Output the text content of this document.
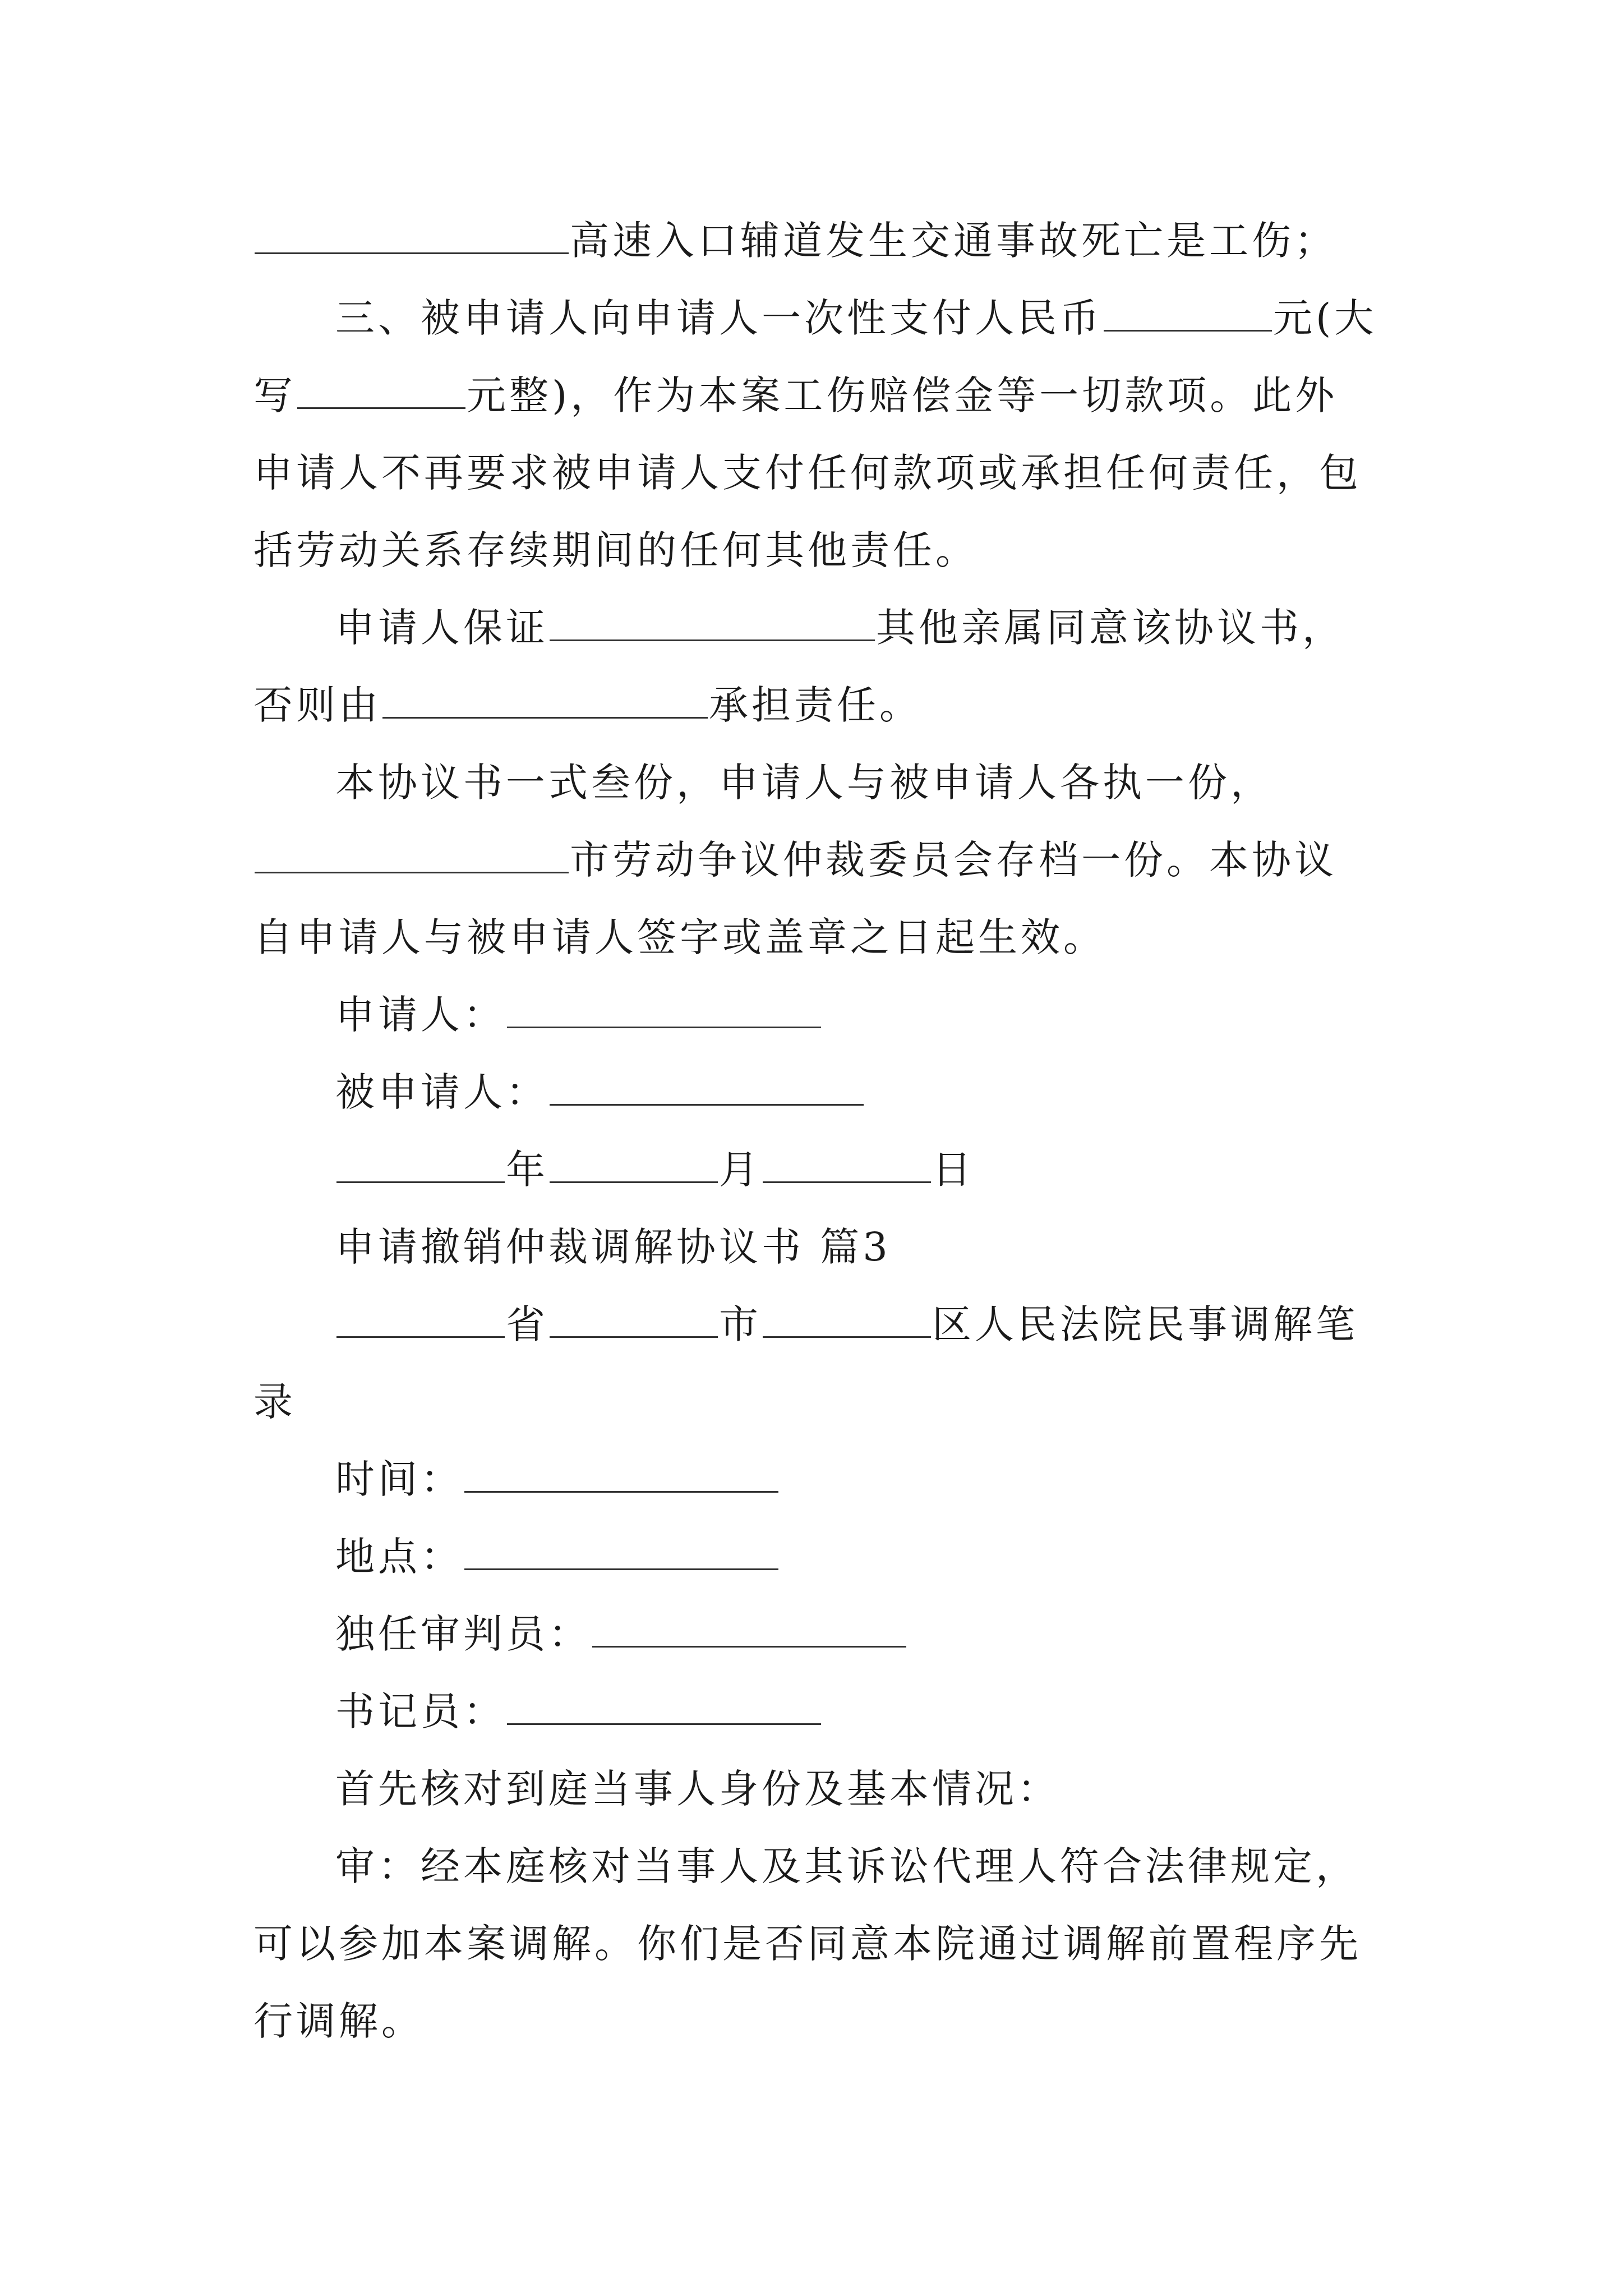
高速入口辅道发生交通事故死亡是工伤；
三、被申请人向申请人一次性支付人民币	元(大
写	元整)，作为本案工伤赔偿金等一切款项。此外
申请人不再要求被申请人支付任何款项或承担任何责任，包
括劳动关系存续期间的任何其他责任。
申请人保证	其他亲属同意该协议书，
否则由	承担责任。
本协议书一式叁份，申请人与被申请人各执一份，
市劳动争议仲裁委员会存档一份。本协议
自申请人与被申请人签字或盖章之日起生效。
申请人：
被申请人：
年	月	日
申请撤销仲裁调解协议书 篇3
省	市	区人民法院民事调解笔
录
时间：
地点：
独任审判员：
书记员：
首先核对到庭当事人身份及基本情况：
审：经本庭核对当事人及其诉讼代理人符合法律规定，
可以参加本案调解。你们是否同意本院通过调解前置程序先
行调解。
